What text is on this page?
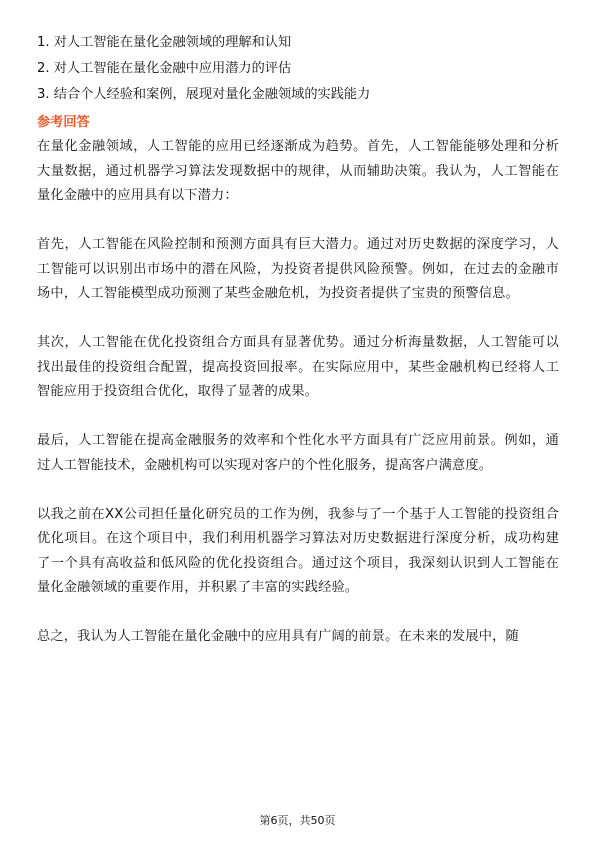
1. 对人工智能在量化金融领域的理解和认知
2. 对人工智能在量化金融中应用潜力的评估
3. 结合个人经验和案例，展现对量化金融领域的实践能力
参考回答

在量化金融领域，人工智能的应用已经逐渐成为趋势。首先，人工智能能够处理和分析大量数据，通过机器学习算法发现数据中的规律，从而辅助决策。我认为，人工智能在量化金融中的应用具有以下潜力：

首先，人工智能在风险控制和预测方面具有巨大潜力。通过对历史数据的深度学习，人工智能可以识别出市场中的潜在风险，为投资者提供风险预警。例如，在过去的金融市场中，人工智能模型成功预测了某些金融危机，为投资者提供了宝贵的预警信息。

其次，人工智能在优化投资组合方面具有显著优势。通过分析海量数据，人工智能可以找出最佳的投资组合配置，提高投资回报率。在实际应用中，某些金融机构已经将人工智能应用于投资组合优化，取得了显著的成果。

最后，人工智能在提高金融服务的效率和个性化水平方面具有广泛应用前景。例如，通过人工智能技术，金融机构可以实现对客户的个性化服务，提高客户满意度。

以我之前在XX公司担任量化研究员的工作为例，我参与了一个基于人工智能的投资组合优化项目。在这个项目中，我们利用机器学习算法对历史数据进行深度分析，成功构建了一个具有高收益和低风险的优化投资组合。通过这个项目，我深刻认识到人工智能在量化金融领域的重要作用，并积累了丰富的实践经验。

总之，我认为人工智能在量化金融中的应用具有广阔的前景。在未来的发展中，随

第6页，共50页
